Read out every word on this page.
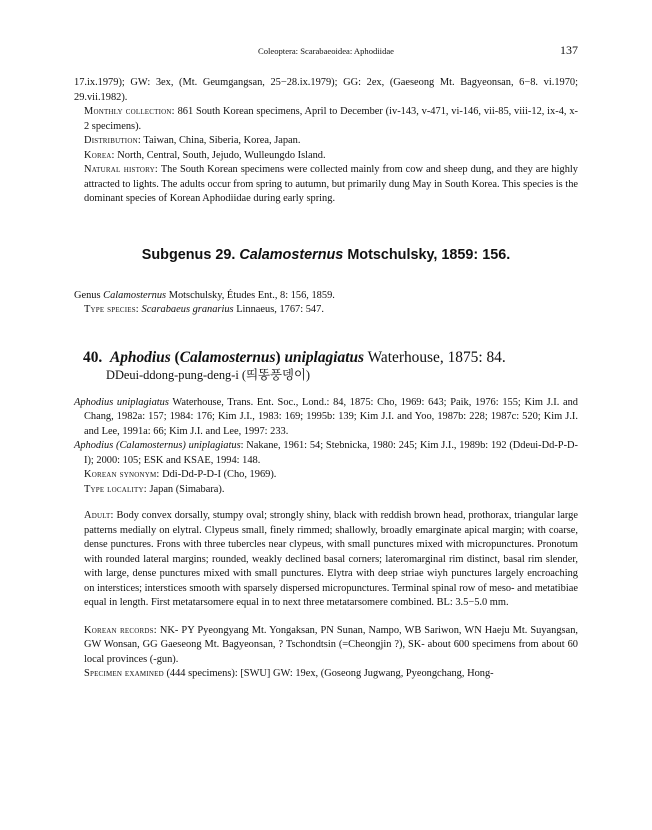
Coleoptera: Scarabaeoidea: Aphodiidae	137

17.ix.1979); GW: 3ex, (Mt. Geumgangsan, 25−28.ix.1979); GG: 2ex, (Gaeseong Mt. Bagyeonsan, 6−8. vi.1970; 29.vii.1982).

Monthly collection: 861 South Korean specimens, April to December (iv-143, v-471, vi-146, vii-85, viii-12, ix-4, x-2 specimens).

Distribution: Taiwan, China, Siberia, Korea, Japan.

Korea: North, Central, South, Jejudo, Wulleungdo Island.

Natural history: The South Korean specimens were collected mainly from cow and sheep dung, and they are highly attracted to lights. The adults occur from spring to autumn, but primarily dung May in South Korea. This species is the dominant species of Korean Aphodiidae during early spring.

Subgenus 29. Calamosternus Motschulsky, 1859: 156.

Genus Calamosternus Motschulsky, Études Ent., 8: 156, 1859.

Type species: Scarabaeus granarius Linnaeus, 1767: 547.

40. Aphodius (Calamosternus) uniplagiatus Waterhouse, 1875: 84.

DDeui-ddong-pung-deng-i (띄똥풍뎅이)

Aphodius uniplagiatus Waterhouse, Trans. Ent. Soc., Lond.: 84, 1875: Cho, 1969: 643; Paik, 1976: 155; Kim J.I. and Chang, 1982a: 157; 1984: 176; Kim J.I., 1983: 169; 1995b: 139; Kim J.I. and Yoo, 1987b: 228; 1987c: 520; Kim J.I. and Lee, 1991a: 66; Kim J.I. and Lee, 1997: 233.

Aphodius (Calamosternus) uniplagiatus: Nakane, 1961: 54; Stebnicka, 1980: 245; Kim J.I., 1989b: 192 (Ddeui-Dd-P-D-I); 2000: 105; ESK and KSAE, 1994: 148.

Korean synonym: Ddi-Dd-P-D-I (Cho, 1969).

Type locality: Japan (Simabara).

Adult: Body convex dorsally, stumpy oval; strongly shiny, black with reddish brown head, prothorax, triangular large patterns medially on elytral. Clypeus small, finely rimmed; shallowly, broadly emarginate apical margin; with coarse, dense punctures. Frons with three tubercles near clypeus, with small punctures mixed with micropunctures. Pronotum with rounded lateral margins; rounded, weakly declined basal corners; lateromarginal rim distinct, basal rim slender, with large, dense punctures mixed with small punctures. Elytra with deep striae wiyh punctures largely encroaching on interstices; interstices smooth with sparsely dispersed micropunctures. Terminal spinal row of meso- and metatibiae equal in length. First metatarsomere equal in to next three metatarsomere combined. BL: 3.5−5.0 mm.

Korean records: NK- PY Pyeongyang Mt. Yongaksan, PN Sunan, Nampo, WB Sariwon, WN Haeju Mt. Suyangsan, GW Wonsan, GG Gaeseong Mt. Bagyeonsan, ? Tschondtsin (=Cheongjin ?), SK- about 600 specimens from about 60 local provinces (-gun).

Specimen examined (444 specimens): [SWU] GW: 19ex, (Goseong Jugwang, Pyeongchang, Hong-
